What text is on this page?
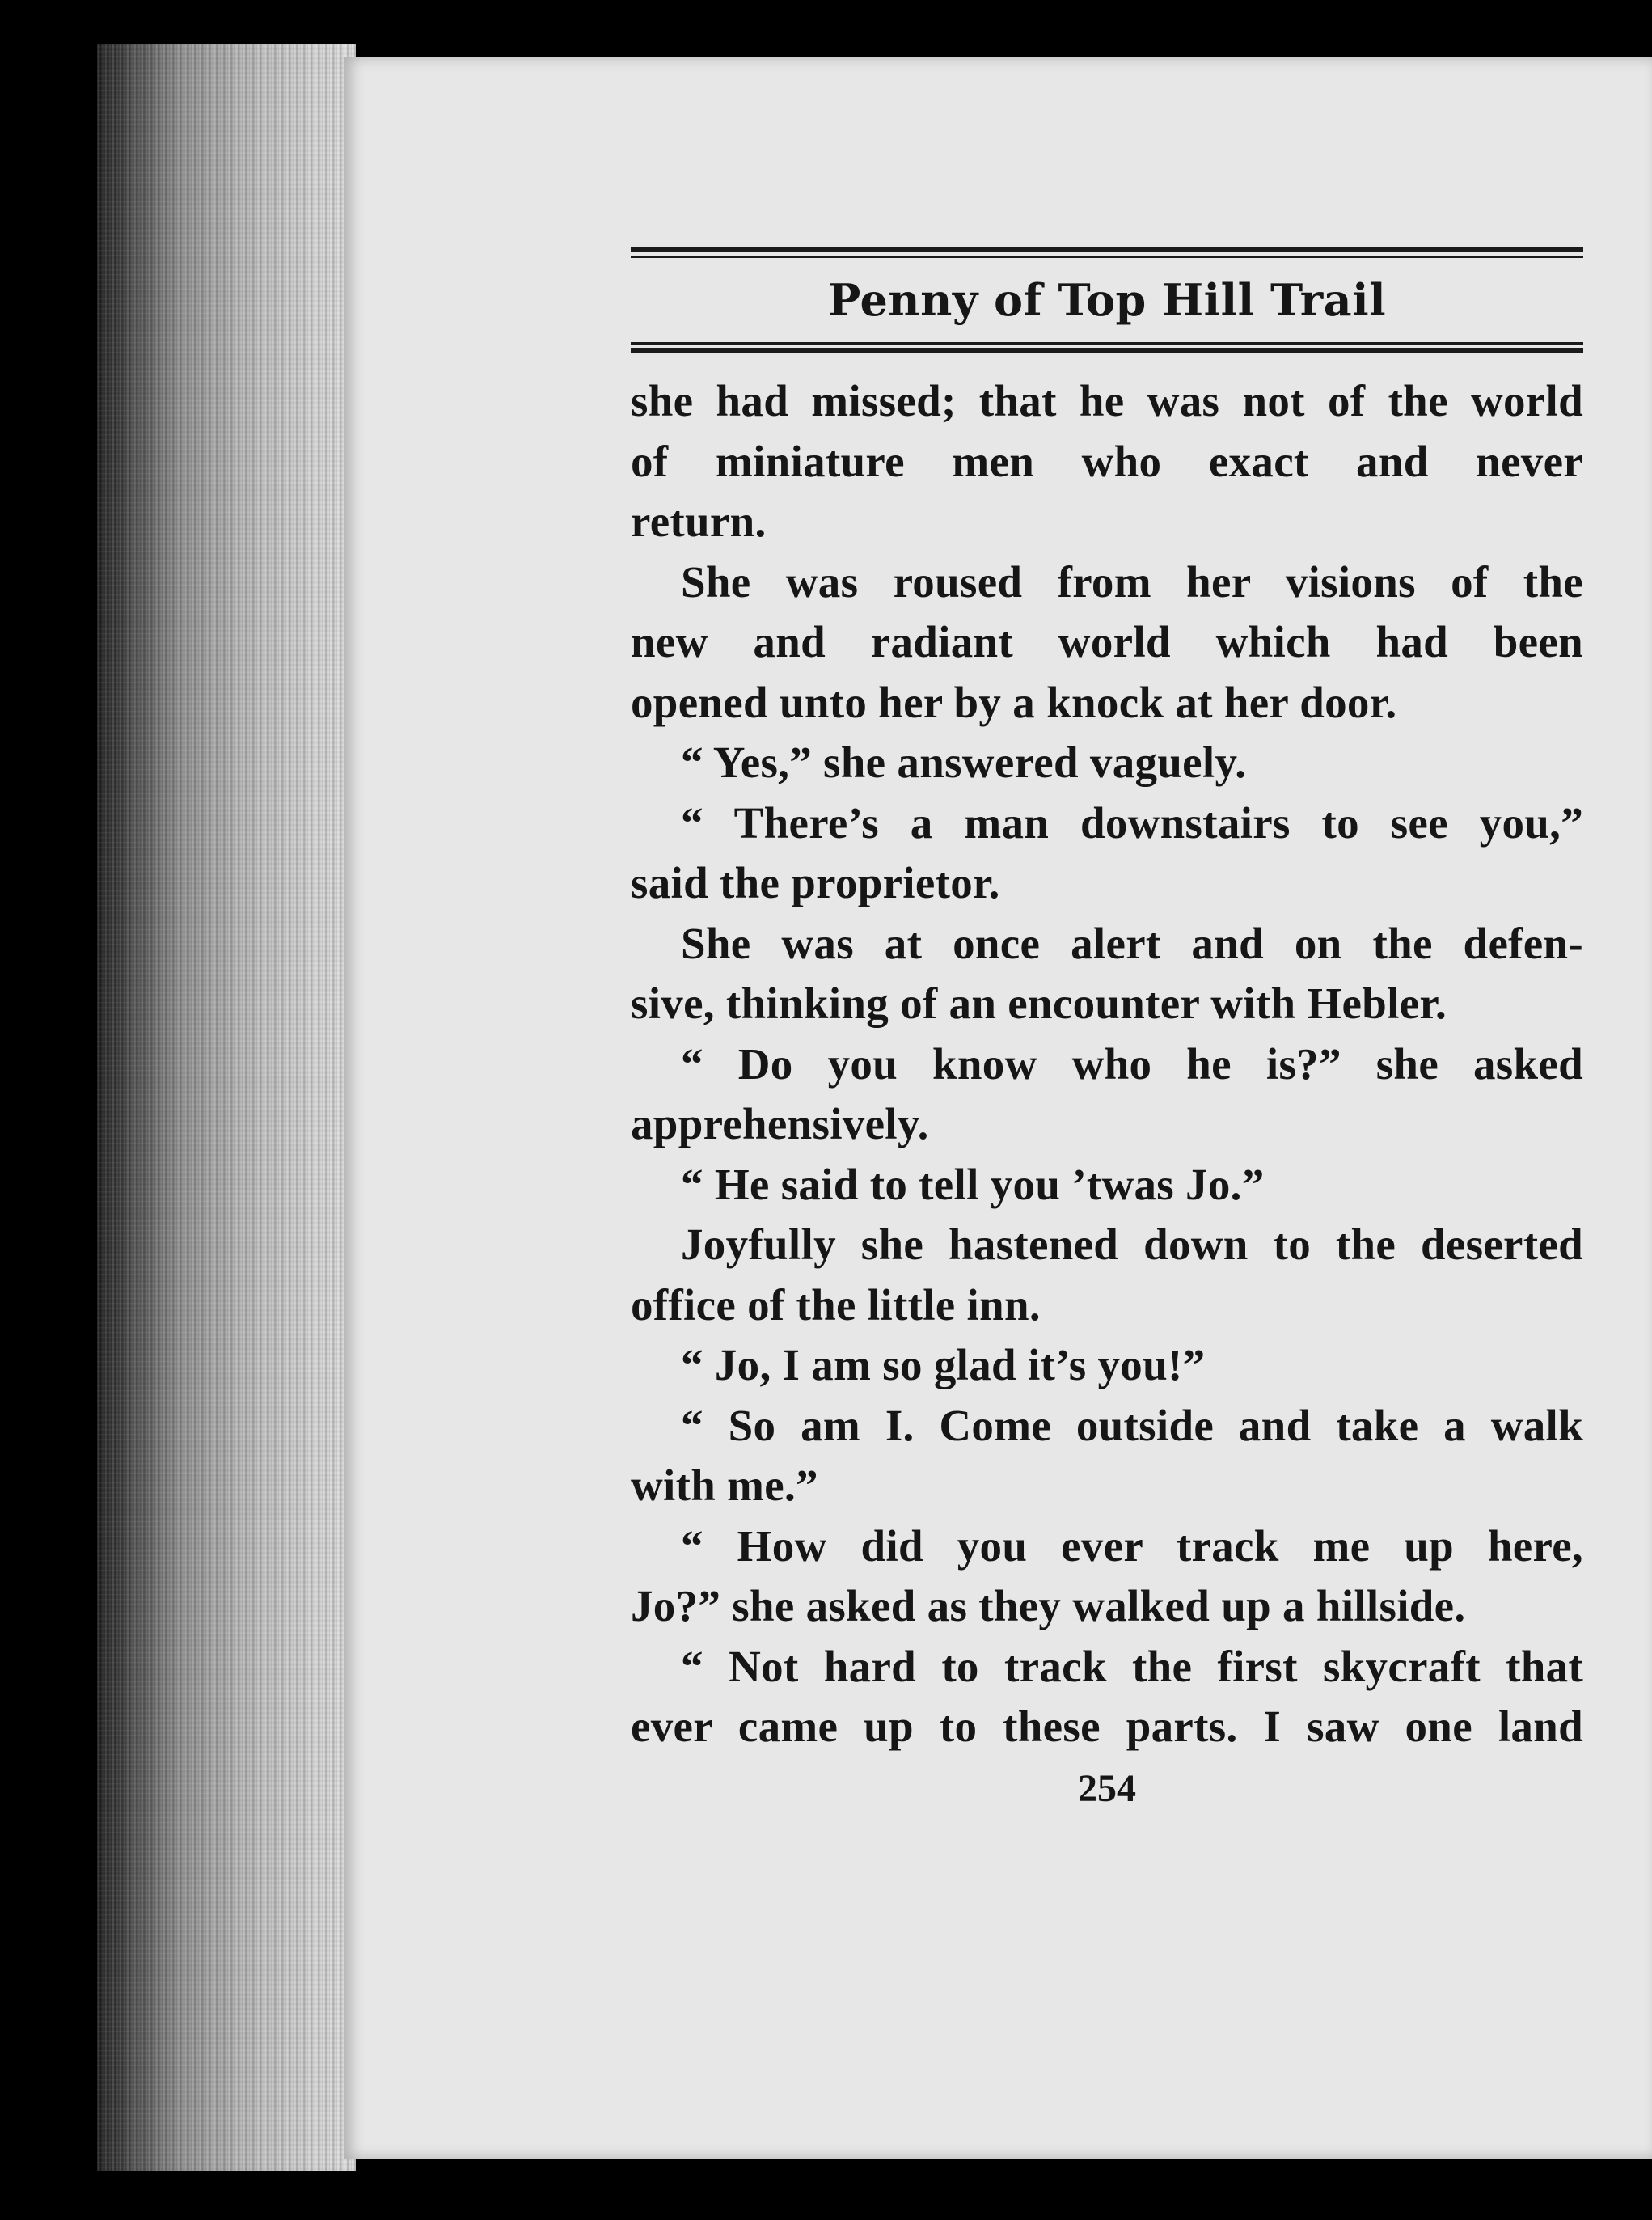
Penny of Top Hill Trail
she had missed; that he was not of the world
of miniature men who exact and never
return.
She was roused from her visions of the
new and radiant world which had been
opened unto her by a knock at her door.
“ Yes,” she answered vaguely.
“ There’s a man downstairs to see you,”
said the proprietor.
She was at once alert and on the defen-
sive, thinking of an encounter with Hebler.
“ Do you know who he is?” she asked
apprehensively.
“ He said to tell you ’twas Jo.”
Joyfully she hastened down to the deserted
office of the little inn.
“ Jo, I am so glad it’s you!”
“ So am I. Come outside and take a walk
with me.”
“ How did you ever track me up here,
Jo?” she asked as they walked up a hillside.
“ Not hard to track the first skycraft that
ever came up to these parts. I saw one land
254
